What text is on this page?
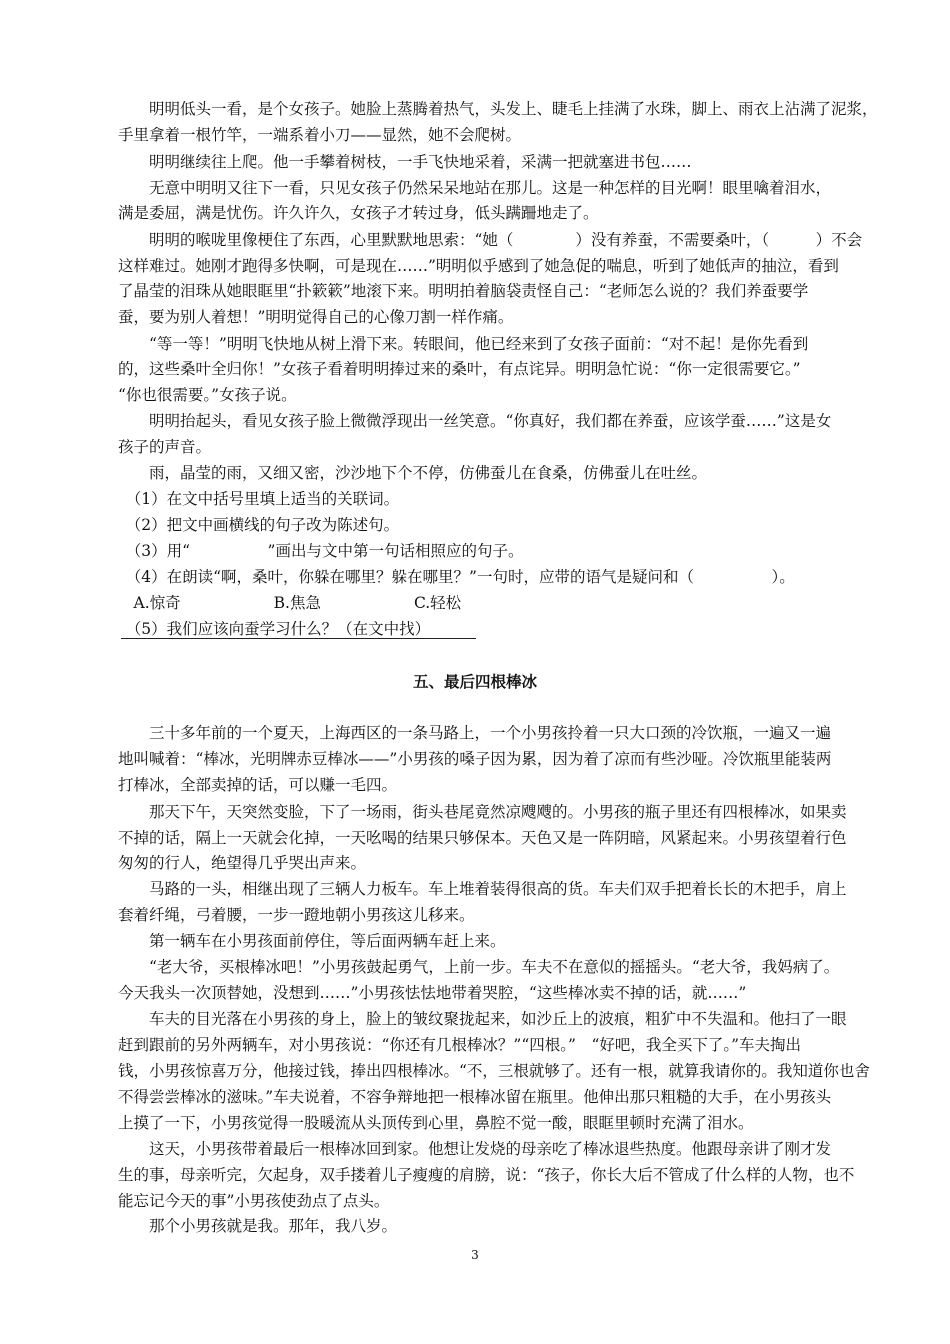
　　明明低头一看，是个女孩子。她脸上蒸腾着热气，头发上、睫毛上挂满了水珠，脚上、雨衣上沾满了泥浆，
手里拿着一根竹竿，一端系着小刀——显然，她不会爬树。
　　明明继续往上爬。他一手攀着树枝，一手飞快地采着，采满一把就塞进书包……
　　无意中明明又往下一看，只见女孩子仍然呆呆地站在那儿。这是一种怎样的目光啊！眼里噙着泪水，
满是委屈，满是忧伤。许久许久，女孩子才转过身，低头蹒跚地走了。
　　明明的喉咙里像梗住了东西，心里默默地思索：“她（　　　　）没有养蚕，不需要桑叶，（　　　）不会
这样难过。她刚才跑得多快啊，可是现在……”明明似乎感到了她急促的喘息，听到了她低声的抽泣，看到
了晶莹的泪珠从她眼眶里“扑簌簌”地滚下来。明明拍着脑袋责怪自己：“老师怎么说的？我们养蚕要学
蚕，要为别人着想！”明明觉得自己的心像刀割一样作痛。
　　“等一等！”明明飞快地从树上滑下来。转眼间，他已经来到了女孩子面前：“对不起！是你先看到
的，这些桑叶全归你！”女孩子看着明明捧过来的桑叶，有点诧异。明明急忙说：“你一定很需要它。”
“你也很需要。”女孩子说。
　　明明抬起头，看见女孩子脸上微微浮现出一丝笑意。“你真好，我们都在养蚕，应该学蚕……”这是女
孩子的声音。
　　雨，晶莹的雨，又细又密，沙沙地下个不停，仿佛蚕儿在食桑，仿佛蚕儿在吐丝。
　（1）在文中括号里填上适当的关联词。
　（2）把文中画横线的句子改为陈述句。
　（3）用“　　　　　”画出与文中第一句话相照应的句子。
　（4）在朗读“啊，桑叶，你躲在哪里？躲在哪里？”一句时，应带的语气是疑问和（　　　　　）。
　A.惊奇　　　　　　B.焦急　　　　　　C.轻松
　（5）我们应该向蚕学习什么？（在文中找）
五、最后四根棒冰
　　三十多年前的一个夏天，上海西区的一条马路上，一个小男孩拎着一只大口颈的冷饮瓶，一遍又一遍
地叫喊着：“棒冰，光明牌赤豆棒冰——”小男孩的嗓子因为累，因为着了凉而有些沙哑。冷饮瓶里能装两
打棒冰，全部卖掉的话，可以赚一毛四。
　　那天下午，天突然变脸，下了一场雨，街头巷尾竟然凉飕飕的。小男孩的瓶子里还有四根棒冰，如果卖
不掉的话，隔上一天就会化掉，一天吆喝的结果只够保本。天色又是一阵阴暗，风紧起来。小男孩望着行色
匆匆的行人，绝望得几乎哭出声来。
　　马路的一头，相继出现了三辆人力板车。车上堆着装得很高的货。车夫们双手把着长长的木把手，肩上
套着纤绳，弓着腰，一步一蹬地朝小男孩这儿移来。
　　第一辆车在小男孩面前停住，等后面两辆车赶上来。
　　“老大爷，买根棒冰吧！”小男孩鼓起勇气，上前一步。车夫不在意似的摇摇头。“老大爷，我妈病了。
今天我头一次顶替她，没想到……”小男孩怯怯地带着哭腔，“这些棒冰卖不掉的话，就……”
　　车夫的目光落在小男孩的身上，脸上的皱纹聚拢起来，如沙丘上的波痕，粗犷中不失温和。他扫了一眼
赶到跟前的另外两辆车，对小男孩说：“你还有几根棒冰？”“四根。”　“好吧，我全买下了。”车夫掏出
钱，小男孩惊喜万分，他接过钱，捧出四根棒冰。“不，三根就够了。还有一根，就算我请你的。我知道你也舍
不得尝尝棒冰的滋味。”车夫说着，不容争辩地把一根棒冰留在瓶里。他伸出那只粗糙的大手，在小男孩头
上摸了一下，小男孩觉得一股暖流从头顶传到心里，鼻腔不觉一酸，眼眶里顿时充满了泪水。
　　这天，小男孩带着最后一根棒冰回到家。他想让发烧的母亲吃了棒冰退些热度。他跟母亲讲了刚才发
生的事，母亲听完，欠起身，双手搂着儿子瘦瘦的肩膀，说：“孩子，你长大后不管成了什么样的人物，也不
能忘记今天的事”小男孩使劲点了点头。
　　那个小男孩就是我。那年，我八岁。
3
